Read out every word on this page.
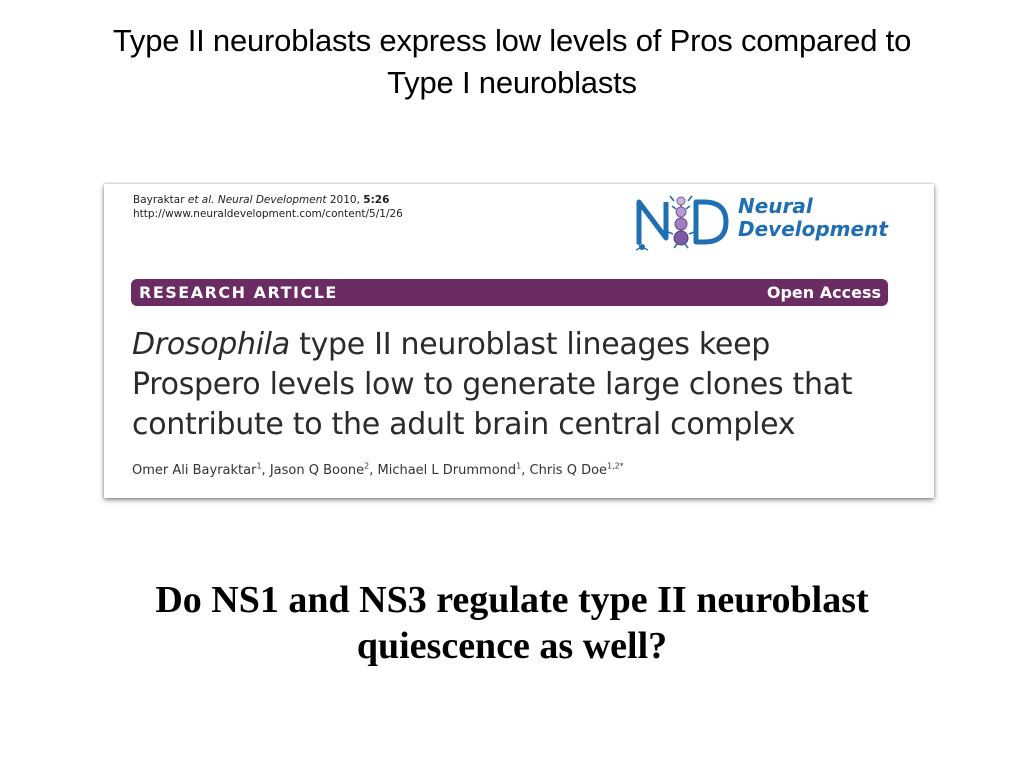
Type II neuroblasts express low levels of Pros compared to
Type I neuroblasts
Bayraktar et al. Neural Development 2010, 5:26
http://www.neuraldevelopment.com/content/5/1/26	Neural
Development
RESEARCH ARTICLE	Open Access
Drosophila type II neuroblast lineages keep
Prospero levels low to generate large clones that
contribute to the adult brain central complex
Omer Ali Bayraktar$^1$, Jason Q Boone$^2$, Michael L Drummond$^1$, Chris Q Doe$^{1,2*}$
Do NS1 and NS3 regulate type II neuroblast
quiescence as well?
